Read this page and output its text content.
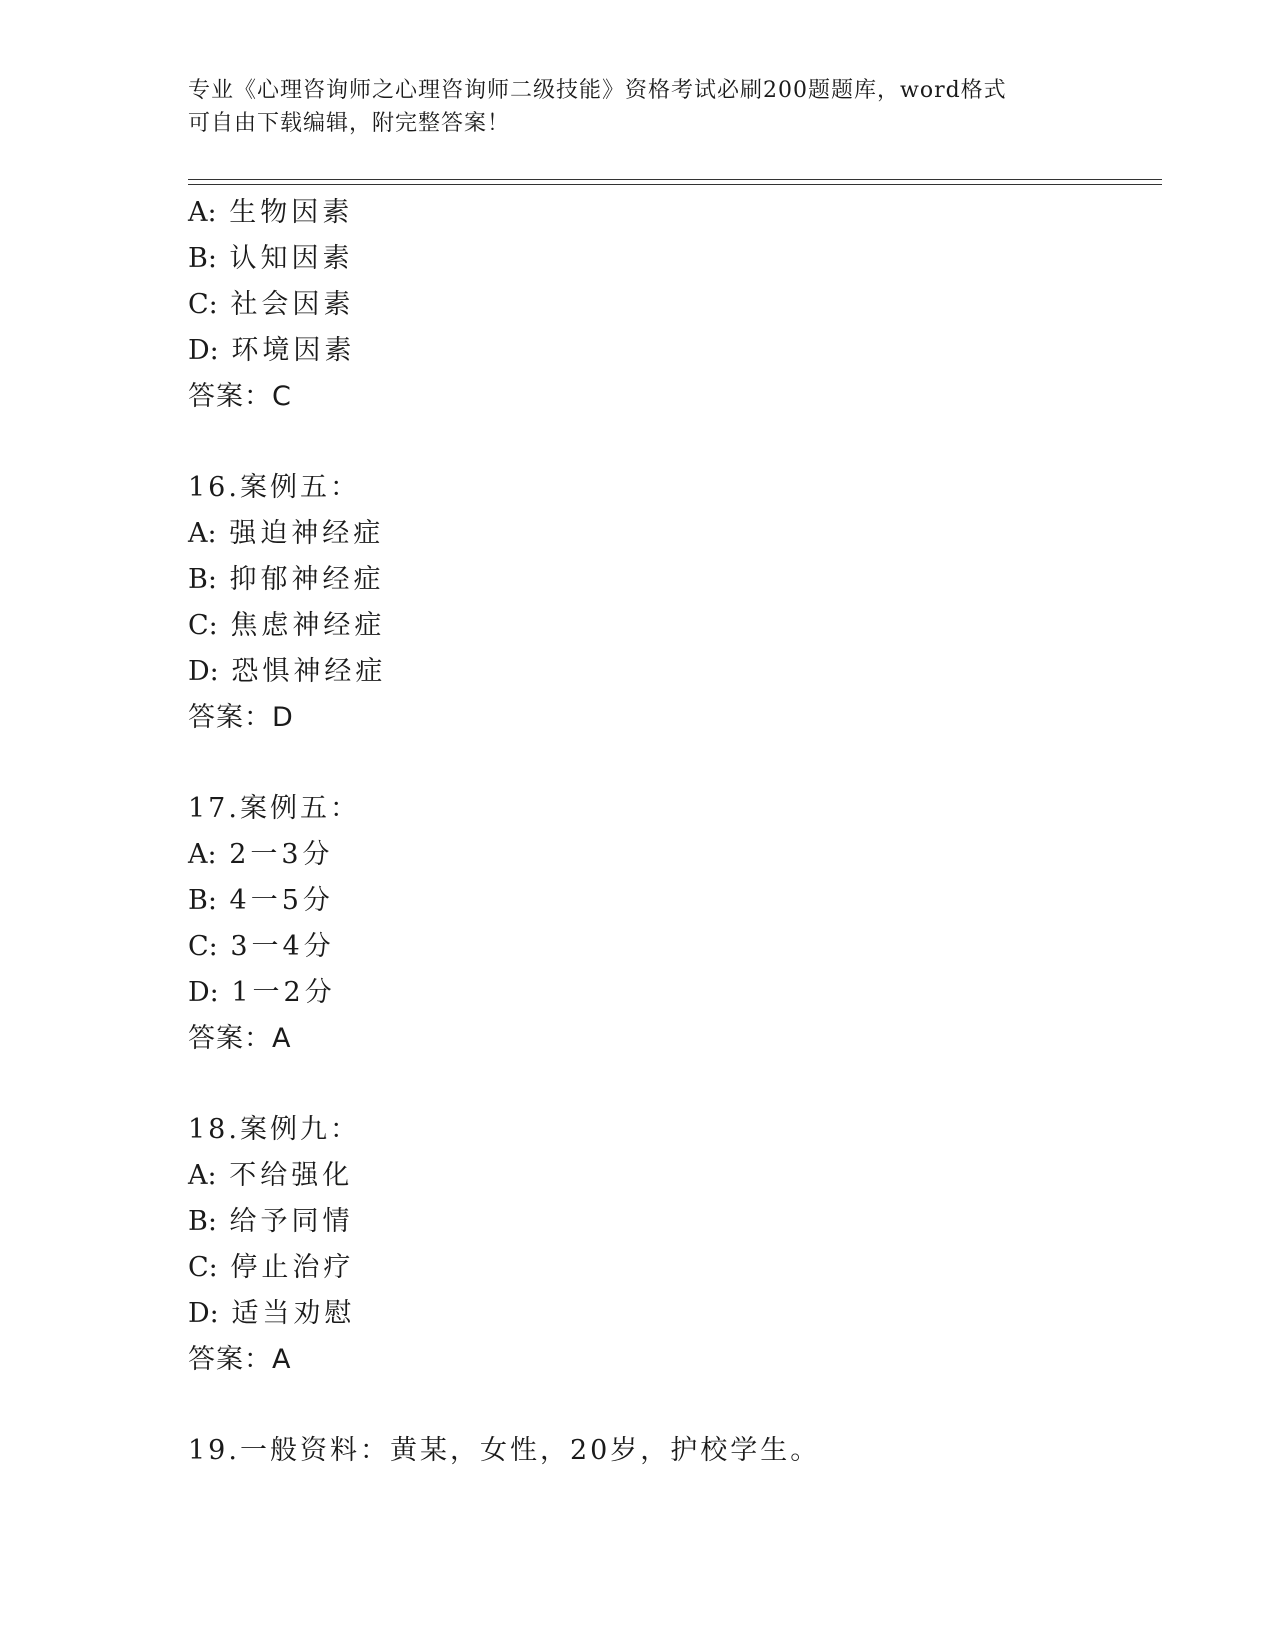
专业《心理咨询师之心理咨询师二级技能》资格考试必刷200题题库，word格式
可自由下载编辑，附完整答案！
A: 生物因素
B: 认知因素
C: 社会因素
D: 环境因素
答案：C
16.案例五：
A: 强迫神经症
B: 抑郁神经症
C: 焦虑神经症
D: 恐惧神经症
答案：D
17.案例五：
A: 2一3分
B: 4一5分
C: 3一4分
D: 1一2分
答案：A
18.案例九：
A: 不给强化
B: 给予同情
C: 停止治疗
D: 适当劝慰
答案：A
19.一般资料：黄某，女性，20岁，护校学生。
